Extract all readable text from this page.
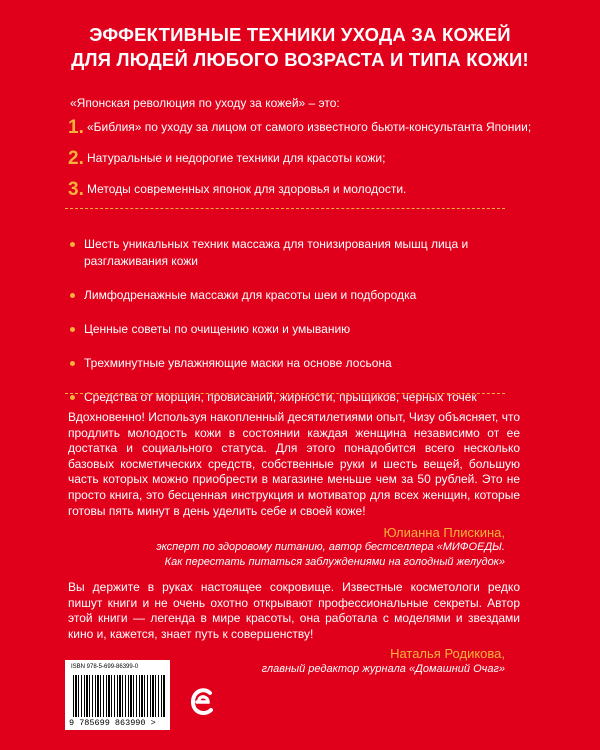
ЭФФЕКТИВНЫЕ ТЕХНИКИ УХОДА ЗА КОЖЕЙ
ДЛЯ ЛЮДЕЙ ЛЮБОГО ВОЗРАСТА И ТИПА КОЖИ!
«Японская революция по уходу за кожей» – это:
1. «Библия» по уходу за лицом от самого известного бьюти-консультанта Японии;
2. Натуральные и недорогие техники для красоты кожи;
3. Методы современных японок для здоровья и молодости.
Шесть уникальных техник массажа для тонизирования мышц лица и разглаживания кожи
Лимфодренажные массажи для красоты шеи и подбородка
Ценные советы по очищению кожи и умыванию
Трехминутные увлажняющие маски на основе лосьона
Средства от морщин, провисаний, жирности, прыщиков, черных точек
Вдохновенно! Используя накопленный десятилетиями опыт, Чизу объясняет, что продлить молодость кожи в состоянии каждая женщина независимо от ее достатка и социального статуса. Для этого понадобится всего несколько базовых косметических средств, собственные руки и шесть вещей, большую часть которых можно приобрести в магазине меньше чем за 50 рублей. Это не просто книга, это бесценная инструкция и мотиватор для всех женщин, которые готовы пять минут в день уделить себе и своей коже!
Юлианна Плискина,
эксперт по здоровому питанию, автор бестселлера «МИФОЕДЫ.
Как перестать питаться заблуждениями на голодный желудок»
Вы держите в руках настоящее сокровище. Известные косметологи редко пишут книги и не очень охотно открывают профессиональные секреты. Автор этой книги — легенда в мире красоты, она работала с моделями и звездами кино и, кажется, знает путь к совершенству!
Наталья Родикова,
главный редактор журнала «Домашний Очаг»
ISBN 978-5-699-86399-0
9 785699 863990 >
